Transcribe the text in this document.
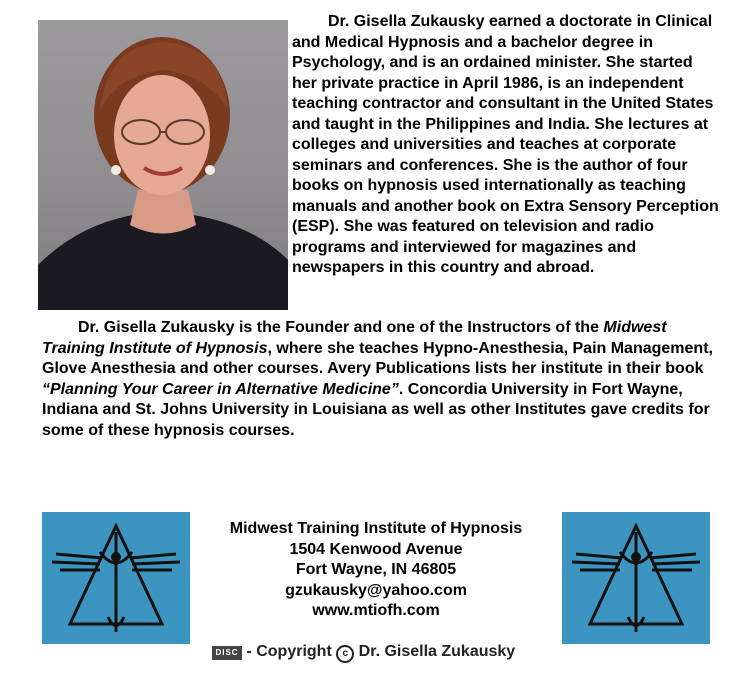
Dr. Gisella Zukausky earned a doctorate in Clinical and Medical Hypnosis and a bachelor degree in Psychology, and is an ordained minister. She started her private practice in April 1986, is an independent teaching contractor and consultant in the United States and taught in the Philippines and India. She lectures at colleges and universities and teaches at corporate seminars and conferences. She is the author of four books on hypnosis used internationally as teaching manuals and another book on Extra Sensory Perception (ESP). She was featured on television and radio programs and interviewed for magazines and newspapers in this country and abroad.

Dr. Gisella Zukausky is the Founder and one of the Instructors of the Midwest Training Institute of Hypnosis, where she teaches Hypno-Anesthesia, Pain Management, Glove Anesthesia and other courses. Avery Publications lists her institute in their book “Planning Your Career in Alternative Medicine”. Concordia University in Fort Wayne, Indiana and St. Johns University in Louisiana as well as other Institutes gave credits for some of these hypnosis courses.

Midwest Training Institute of Hypnosis
1504 Kenwood Avenue
Fort Wayne, IN 46805
gzukausky@yahoo.com
www.mtiofh.com
DISC - Copyright c Dr. Gisella Zukausky
